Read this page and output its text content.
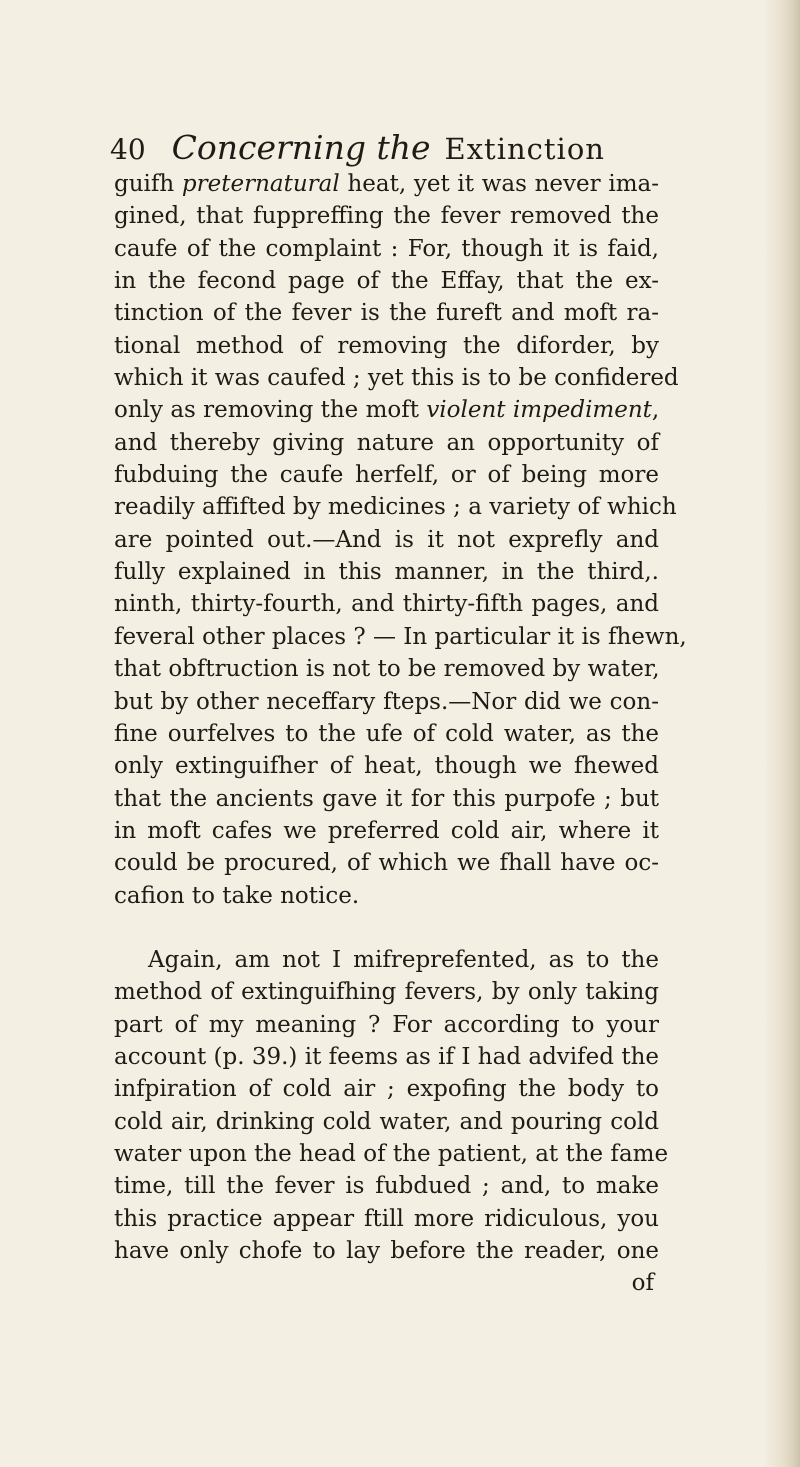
40 Concerning the Extinction
guifh preternatural heat, yet it was never ima-
gined, that fuppreffing the fever removed the
caufe of the complaint : For, though it is faid,
in the fecond page of the Effay, that the ex-
tinction of the fever is the fureft and moft ra-
tional method of removing the diforder, by
which it was caufed ; yet this is to be confidered
only as removing the moft violent impediment,
and thereby giving nature an opportunity of
fubduing the caufe herfelf, or of being more
readily affifted by medicines ; a variety of which
are pointed out.—And is it not exprefly and
fully explained in this manner, in the third,.
ninth, thirty-fourth, and thirty-fifth pages, and
feveral other places ? — In particular it is fhewn,
that obftruction is not to be removed by water,
but by other neceffary fteps.—Nor did we con-
fine ourfelves to the ufe of cold water, as the
only extinguifher of heat, though we fhewed
that the ancients gave it for this purpofe ; but
in moft cafes we preferred cold air, where it
could be procured, of which we fhall have oc-
cafion to take notice.
Again, am not I mifreprefented, as to the
method of extinguifhing fevers, by only taking
part of my meaning ? For according to your
account (p. 39.) it feems as if I had advifed the
infpiration of cold air ; expofing the body to
cold air, drinking cold water, and pouring cold
water upon the head of the patient, at the fame
time, till the fever is fubdued ; and, to make
this practice appear ftill more ridiculous, you
have only chofe to lay before the reader, one
of
